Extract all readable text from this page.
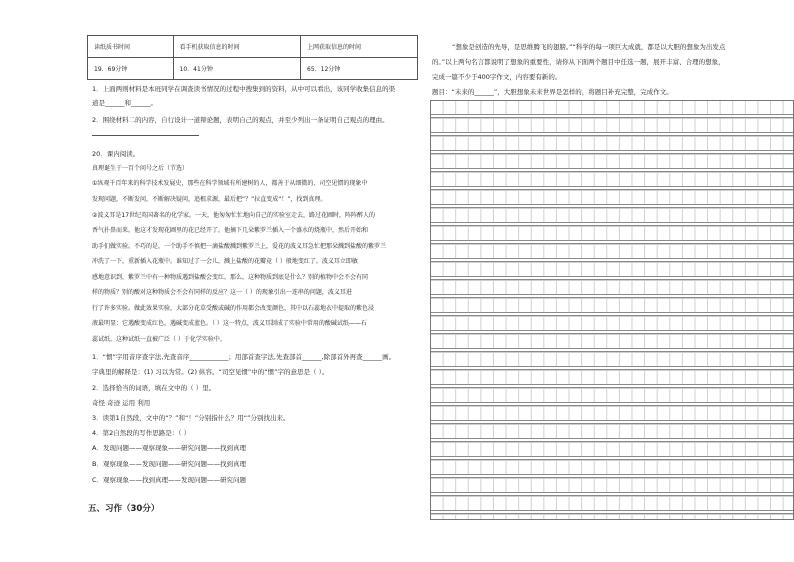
读纸质书时间	看手机获取信息的时间	上网获取信息的时间
19．69分钟	10．41分钟	65．12分钟
1．上面两则材料是本班同学在调查读书情况的过程中搜集到的资料，从中可以看出，该同学收集信息的渠
道是______和______。
2．围绕材料二的内容，自行设计一道辩论题，表明自己的观点，并至少列出一条证明自己观点的理由。
20．课内阅读。
真理诞生于一百个问号之后（节选）
①纵观千百年来的科学技术发展史，那些在科学领域有所建树的人，都善于从细微的、司空见惯的现象中
发现问题，不断发问，不断解决疑问，追根求源，最后把“？”拉直变成“！”，找到真理。
②波义耳是17世纪英国著名的化学家。一天，他匆匆忙忙地向自己的实验室走去，路过花圃时，阵阵醉人的
香气扑鼻而来。他这才发现花圃里的花已经开了。他摘下几朵紫罗兰插入一个盛水的烧瓶中，然后开始和
助手们做实验。不巧的是，一个助手不慎把一滴盐酸溅到紫罗兰上，爱花的波义耳急忙把那朵溅到盐酸的紫罗兰
冲洗了一下，重新插入花瓶中。谁知过了一会儿，溅上盐酸的花瓣竟（ ）般地变红了。波义耳立即敏
感地意识到，紫罗兰中有一种物质遇到盐酸会变红。那么，这种物质到底是什么？别的植物中会不会有同
样的物质？别的酸对这种物质会不会有同样的反应？这一（ ）的现象引出一连串的问题，波义耳进
行了许多实验。做此效果实验，大部分花草受酸或碱的作用都会改变颜色，其中以石蕊地衣中提取的紫色浸
液最明显：它遇酸变成红色，遇碱变成蓝色。（ ）这一特点，波义耳制成了实验中常用的酸碱试纸——石
蕊试纸。这种试纸一直被广泛（ ）于化学实验中。
1．“惯”字用音序查字法,先查音序____________；用部首查字法,先查部首______,除部首外再查______画。
字典里的解释是：(1) 习以为常。(2) 纵容。“司空见惯”中的“惯”字的意思是（ ）。
2．选择恰当的词语，填在文中的（ ）里。
奇怪 奇迹 运用 利用
3．读第1自然段，文中的“？”和“！”分别指什么？用“”分别找出来。
4．第2自然段的写作思路是：（ ）
A．发现问题——观察现象——研究问题——找到真理
B．观察现象——发现问题——研究问题——找到真理
C．观察现象——找到真理——发现问题——研究问题
五、习作（30分）
“想象是创造的先导，是思维腾飞的翅膀。”“科学的每一项巨大成就，都是以大胆的想象为出发点
的。”以上两句名言都说明了想象的重要性，请你从下面两个题目中任选一题，展开丰富、合理的想象，
完成一篇不少于400字作文，内容要有新的。
题目：“未来的______”，大胆想象未来世界是怎样的，将题目补充完整，完成作文。
